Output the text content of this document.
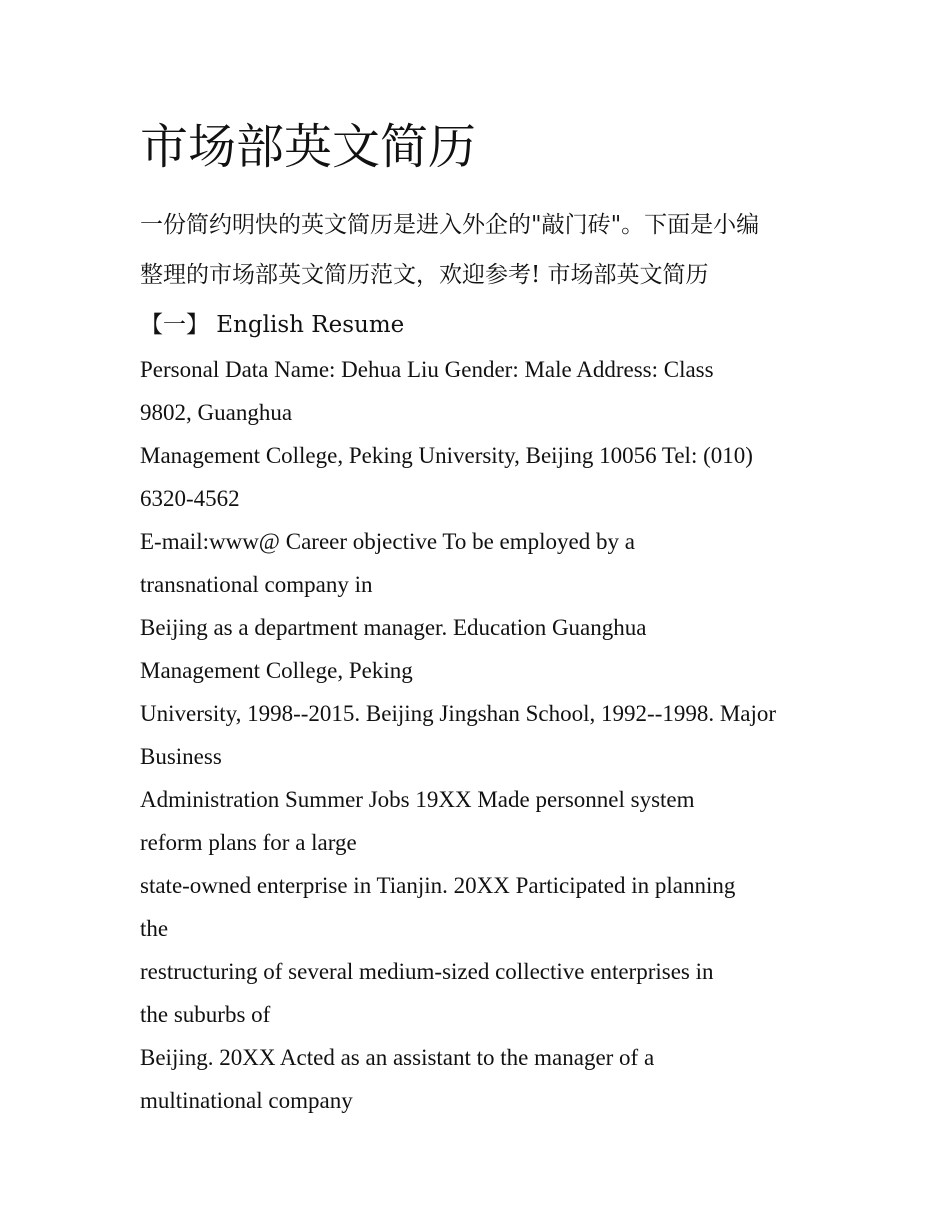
市场部英文简历

一份简约明快的英文简历是进入外企的"敲门砖"。下面是小编
整理的市场部英文简历范文，欢迎参考! 市场部英文简历

【一】 English Resume
Personal Data Name: Dehua Liu Gender: Male Address: Class
9802, Guanghua
Management College, Peking University, Beijing 10056 Tel: (010)
6320-4562
E-mail:www@ Career objective To be employed by a
transnational company in
Beijing as a department manager. Education Guanghua
Management College, Peking
University, 1998--2015. Beijing Jingshan School, 1992--1998. Major
Business
Administration Summer Jobs 19XX Made personnel system
reform plans for a large
state-owned enterprise in Tianjin. 20XX Participated in planning
the
restructuring of several medium-sized collective enterprises in
the suburbs of
Beijing. 20XX Acted as an assistant to the manager of a
multinational company
